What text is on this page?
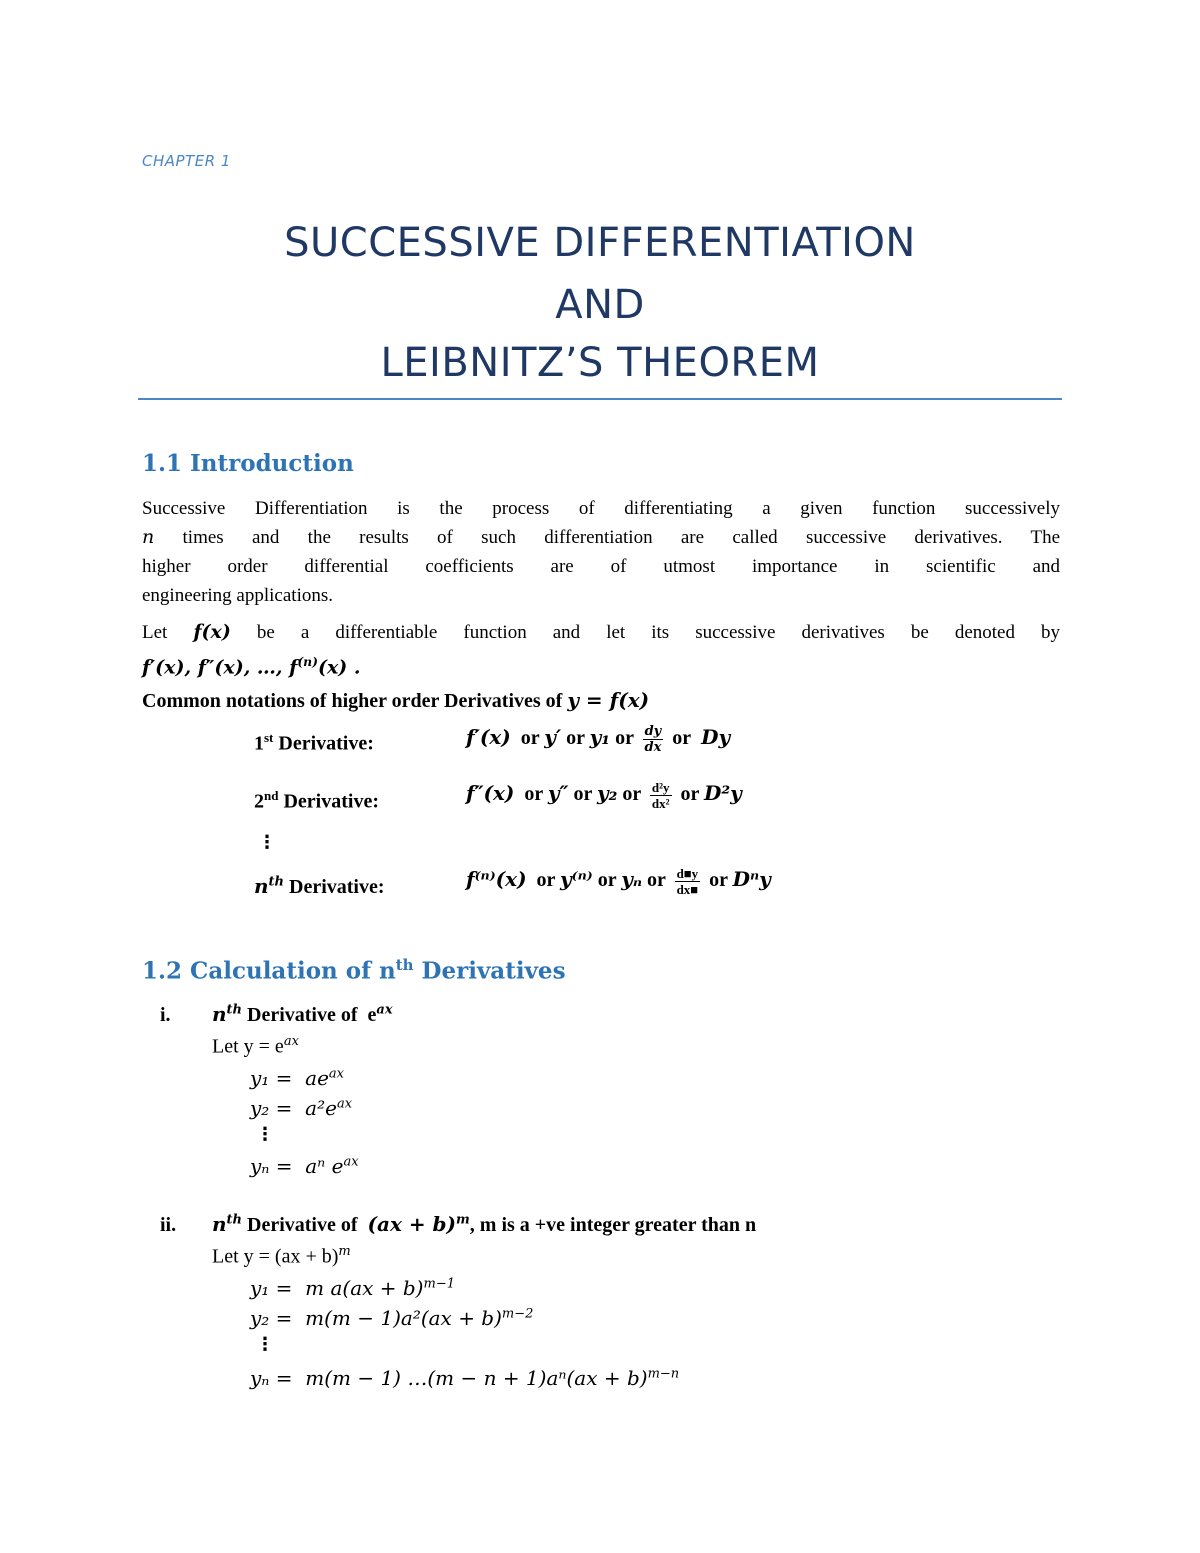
CHAPTER 1
SUCCESSIVE DIFFERENTIATION
AND
LEIBNITZ’S THEOREM
1.1 Introduction
Successive Differentiation is the process of differentiating a given function successively
n times and the results of such differentiation are called successive derivatives. The
higher order differential coefficients are of utmost importance in scientific and
engineering applications.
Let f(x) be a differentiable function and let its successive derivatives be denoted by
f′(x), f″(x), …, $f^{(n)}(x)$ .
Common notations of higher order Derivatives of y = f(x)
1st Derivative:	f′(x) or y′ or y₁ or $\frac{dy}{dx}$ or Dy
2nd Derivative:	f″(x) or y″ or y₂ or $\frac{\text{d²y}}{\text{dx²}}$ or D²y
⋮
$n^{th}$ Derivative:	f⁽ⁿ⁾(x) or y⁽ⁿ⁾ or yₙ or $\frac{d■y}{dx■}$ or Dⁿy
1.2 Calculation of $n^{th}$ Derivatives
i. $n^{th}$ Derivative of $e^{ax}$
Let $y = e^{ax}$
$y_1 = ae^{ax}$
$y_2 = a^2e^{ax}$
⋮
yₙ = aⁿ $e^{ax}$
ii. $n^{th}$ Derivative of (ax + b)$^m$, m is a +ve integer greater than n
Let y = (ax + b)$^m$
y₁ = m a(ax + b)$^{m-1}$
y₂ = m(m − 1)a²(ax + b)$^{m-2}$
⋮
yₙ = m(m − 1) …(m − n + 1)aⁿ(ax + b)$^{m-n}$
